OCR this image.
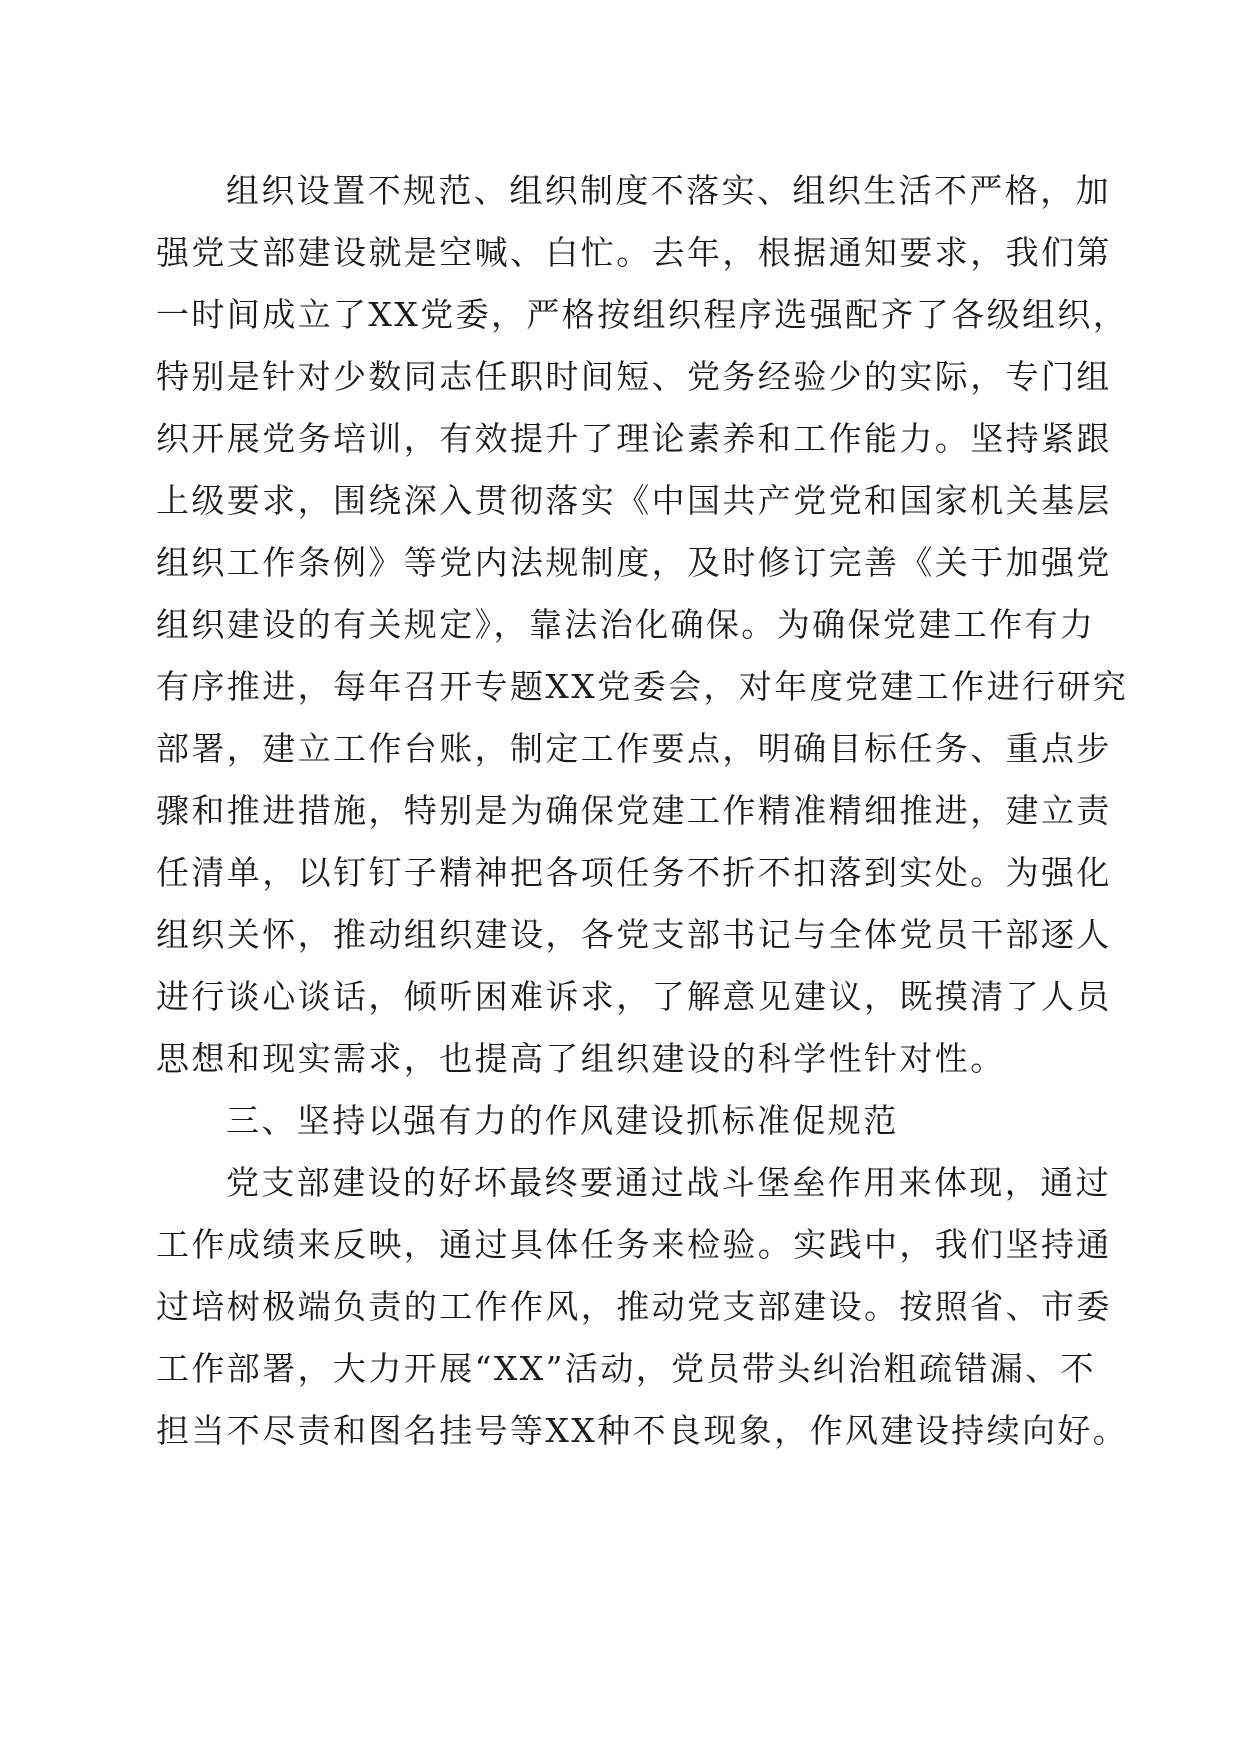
组织设置不规范、组织制度不落实、组织生活不严格，加
强党支部建设就是空喊、白忙。去年，根据通知要求，我们第
一时间成立了XX党委，严格按组织程序选强配齐了各级组织，
特别是针对少数同志任职时间短、党务经验少的实际，专门组
织开展党务培训，有效提升了理论素养和工作能力。坚持紧跟
上级要求，围绕深入贯彻落实《中国共产党党和国家机关基层
组织工作条例》等党内法规制度，及时修订完善《关于加强党
组织建设的有关规定》，靠法治化确保。为确保党建工作有力
有序推进，每年召开专题XX党委会，对年度党建工作进行研究
部署，建立工作台账，制定工作要点，明确目标任务、重点步
骤和推进措施，特别是为确保党建工作精准精细推进，建立责
任清单，以钉钉子精神把各项任务不折不扣落到实处。为强化
组织关怀，推动组织建设，各党支部书记与全体党员干部逐人
进行谈心谈话，倾听困难诉求，了解意见建议，既摸清了人员
思想和现实需求，也提高了组织建设的科学性针对性。
三、坚持以强有力的作风建设抓标准促规范
党支部建设的好坏最终要通过战斗堡垒作用来体现，通过
工作成绩来反映，通过具体任务来检验。实践中，我们坚持通
过培树极端负责的工作作风，推动党支部建设。按照省、市委
工作部署，大力开展“XX”活动，党员带头纠治粗疏错漏、不
担当不尽责和图名挂号等XX种不良现象，作风建设持续向好。
